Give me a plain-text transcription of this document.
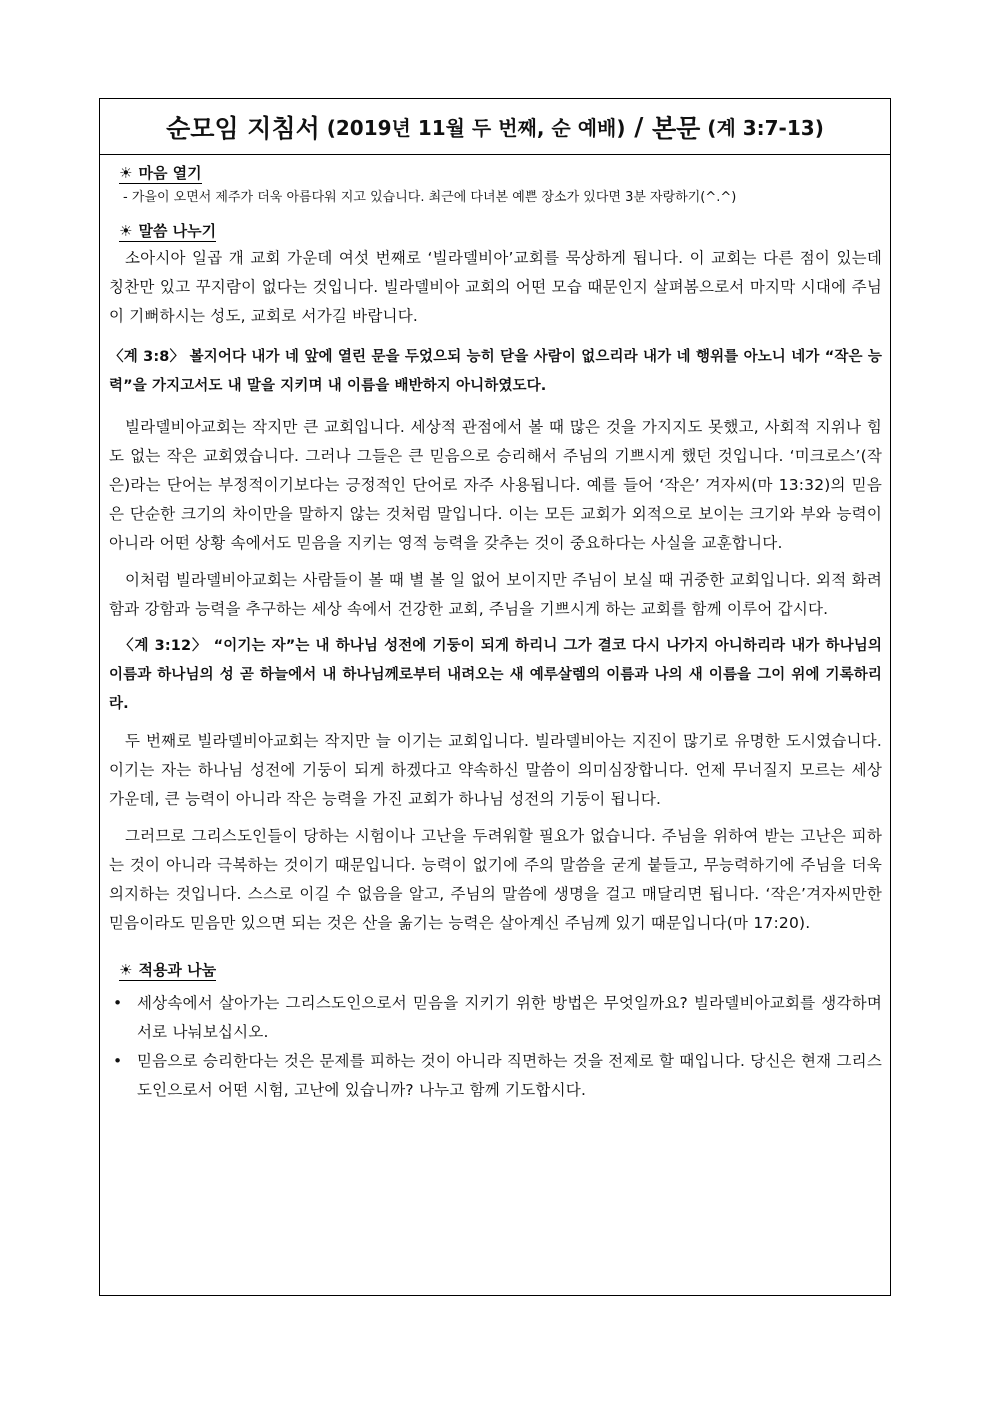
순모임 지침서 (2019년 11월 두 번째, 순 예배) / 본문 (계 3:7-13)
☀ 마음 열기
- 가을이 오면서 제주가 더욱 아름다워 지고 있습니다. 최근에 다녀본 예쁜 장소가 있다면 3분 자랑하기(^.^)
☀ 말씀 나누기

소아시아 일곱 개 교회 가운데 여섯 번째로 ‘빌라델비아’교회를 묵상하게 됩니다. 이 교회는 다른 점이 있는데 칭찬만 있고 꾸지람이 없다는 것입니다. 빌라델비아 교회의 어떤 모습 때문인지 살펴봄으로서 마지막 시대에 주님이 기뻐하시는 성도, 교회로 서가길 바랍니다.

〈계 3:8〉 볼지어다 내가 네 앞에 열린 문을 두었으되 능히 닫을 사람이 없으리라 내가 네 행위를 아노니 네가 “작은 능력”을 가지고서도 내 말을 지키며 내 이름을 배반하지 아니하였도다.

빌라델비아교회는 작지만 큰 교회입니다. 세상적 관점에서 볼 때 많은 것을 가지지도 못했고, 사회적 지위나 힘도 없는 작은 교회였습니다. 그러나 그들은 큰 믿음으로 승리해서 주님의 기쁘시게 했던 것입니다. ‘미크로스’(작은)라는 단어는 부정적이기보다는 긍정적인 단어로 자주 사용됩니다. 예를 들어 ‘작은’ 겨자씨(마 13:32)의 믿음은 단순한 크기의 차이만을 말하지 않는 것처럼 말입니다. 이는 모든 교회가 외적으로 보이는 크기와 부와 능력이 아니라 어떤 상황 속에서도 믿음을 지키는 영적 능력을 갖추는 것이 중요하다는 사실을 교훈합니다.

이처럼 빌라델비아교회는 사람들이 볼 때 별 볼 일 없어 보이지만 주님이 보실 때 귀중한 교회입니다. 외적 화려함과 강함과 능력을 추구하는 세상 속에서 건강한 교회, 주님을 기쁘시게 하는 교회를 함께 이루어 갑시다.

〈계 3:12〉 “이기는 자”는 내 하나님 성전에 기둥이 되게 하리니 그가 결코 다시 나가지 아니하리라 내가 하나님의 이름과 하나님의 성 곧 하늘에서 내 하나님께로부터 내려오는 새 예루살렘의 이름과 나의 새 이름을 그이 위에 기록하리라.

두 번째로 빌라델비아교회는 작지만 늘 이기는 교회입니다. 빌라델비아는 지진이 많기로 유명한 도시였습니다. 이기는 자는 하나님 성전에 기둥이 되게 하겠다고 약속하신 말씀이 의미심장합니다. 언제 무너질지 모르는 세상 가운데, 큰 능력이 아니라 작은 능력을 가진 교회가 하나님 성전의 기둥이 됩니다.

그러므로 그리스도인들이 당하는 시험이나 고난을 두려워할 필요가 없습니다. 주님을 위하여 받는 고난은 피하는 것이 아니라 극복하는 것이기 때문입니다. 능력이 없기에 주의 말씀을 굳게 붙들고, 무능력하기에 주님을 더욱 의지하는 것입니다. 스스로 이길 수 없음을 알고, 주님의 말씀에 생명을 걸고 매달리면 됩니다. ‘작은’겨자씨만한 믿음이라도 믿음만 있으면 되는 것은 산을 옮기는 능력은 살아계신 주님께 있기 때문입니다(마 17:20).

☀ 적용과 나눔
• 세상속에서 살아가는 그리스도인으로서 믿음을 지키기 위한 방법은 무엇일까요? 빌라델비아교회를 생각하며 서로 나눠보십시오.
• 믿음으로 승리한다는 것은 문제를 피하는 것이 아니라 직면하는 것을 전제로 할 때입니다. 당신은 현재 그리스도인으로서 어떤 시험, 고난에 있습니까? 나누고 함께 기도합시다.
